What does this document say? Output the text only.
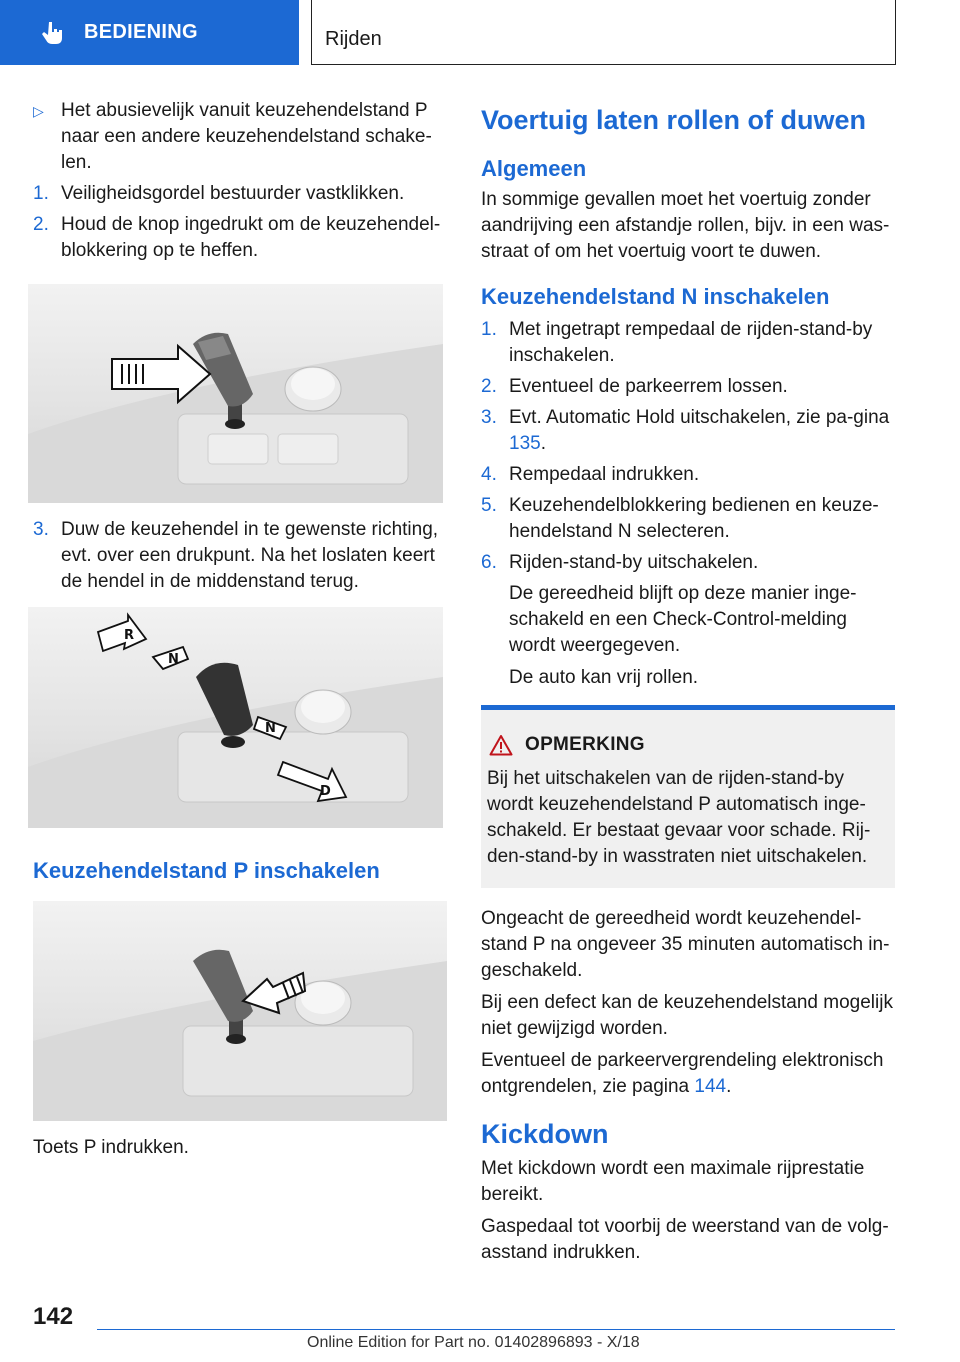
BEDIENING	Rijden
▷ Het abusievelijk vanuit keuzehendelstand P naar een andere keuzehendelstand schake-len.
1. Veiligheidsgordel bestuurder vastklikken.
2. Houd de knop ingedrukt om de keuzehendel-blokkering op te heffen.
3. Duw de keuzehendel in te gewenste richting, evt. over een drukpunt. Na het loslaten keert de hendel in de middenstand terug.
R
N
N
D
Keuzehendelstand P inschakelen
Toets P indrukken.
Voertuig laten rollen of duwen
Algemeen
In sommige gevallen moet het voertuig zonder aandrijving een afstandje rollen, bijv. in een was-straat of om het voertuig voort te duwen.
Keuzehendelstand N inschakelen
1. Met ingetrapt rempedaal de rijden-stand-by inschakelen.
2. Eventueel de parkeerrem lossen.
3. Evt. Automatic Hold uitschakelen, zie pa-gina 135.
4. Rempedaal indrukken.
5. Keuzehendelblokkering bedienen en keuze-hendelstand N selecteren.
6. Rijden-stand-by uitschakelen.
De gereedheid blijft op deze manier inge-schakeld en een Check-Control-melding wordt weergegeven.
De auto kan vrij rollen.
OPMERKING

Bij het uitschakelen van de rijden-stand-by wordt keuzehendelstand P automatisch inge-schakeld. Er bestaat gevaar voor schade. Rij-den-stand-by in wasstraten niet uitschakelen.

Ongeacht de gereedheid wordt keuzehendel-stand P na ongeveer 35 minuten automatisch in-geschakeld.
Bij een defect kan de keuzehendelstand mogelijk niet gewijzigd worden.
Eventueel de parkeervergrendeling elektronisch ontgrendelen, zie pagina 144.
Kickdown
Met kickdown wordt een maximale rijprestatie bereikt.
Gaspedaal tot voorbij de weerstand van de volg-asstand indrukken.
142
Online Edition for Part no. 01402896893 - X/18
